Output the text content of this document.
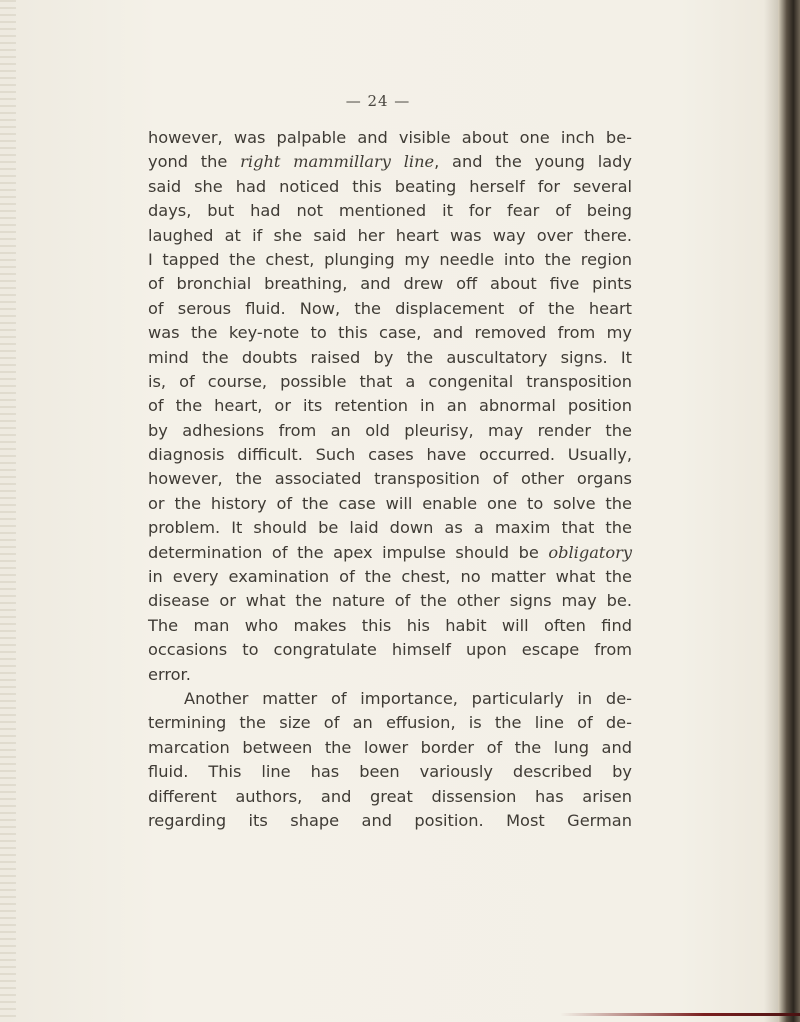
— 24 —
however, was palpable and visible about one inch be-
yond the right mammillary line, and the young lady
said she had noticed this beating herself for several
days, but had not mentioned it for fear of being
laughed at if she said her heart was way over there.
I tapped the chest, plunging my needle into the region
of bronchial breathing, and drew off about five pints
of serous fluid. Now, the displacement of the heart
was the key-note to this case, and removed from my
mind the doubts raised by the auscultatory signs. It
is, of course, possible that a congenital transposition
of the heart, or its retention in an abnormal position
by adhesions from an old pleurisy, may render the
diagnosis difficult. Such cases have occurred. Usually,
however, the associated transposition of other organs
or the history of the case will enable one to solve the
problem. It should be laid down as a maxim that the
determination of the apex impulse should be obligatory
in every examination of the chest, no matter what the
disease or what the nature of the other signs may be.
The man who makes this his habit will often find
occasions to congratulate himself upon escape from
error.
Another matter of importance, particularly in de-
termining the size of an effusion, is the line of de-
marcation between the lower border of the lung and
fluid. This line has been variously described by
different authors, and great dissension has arisen
regarding its shape and position. Most German
